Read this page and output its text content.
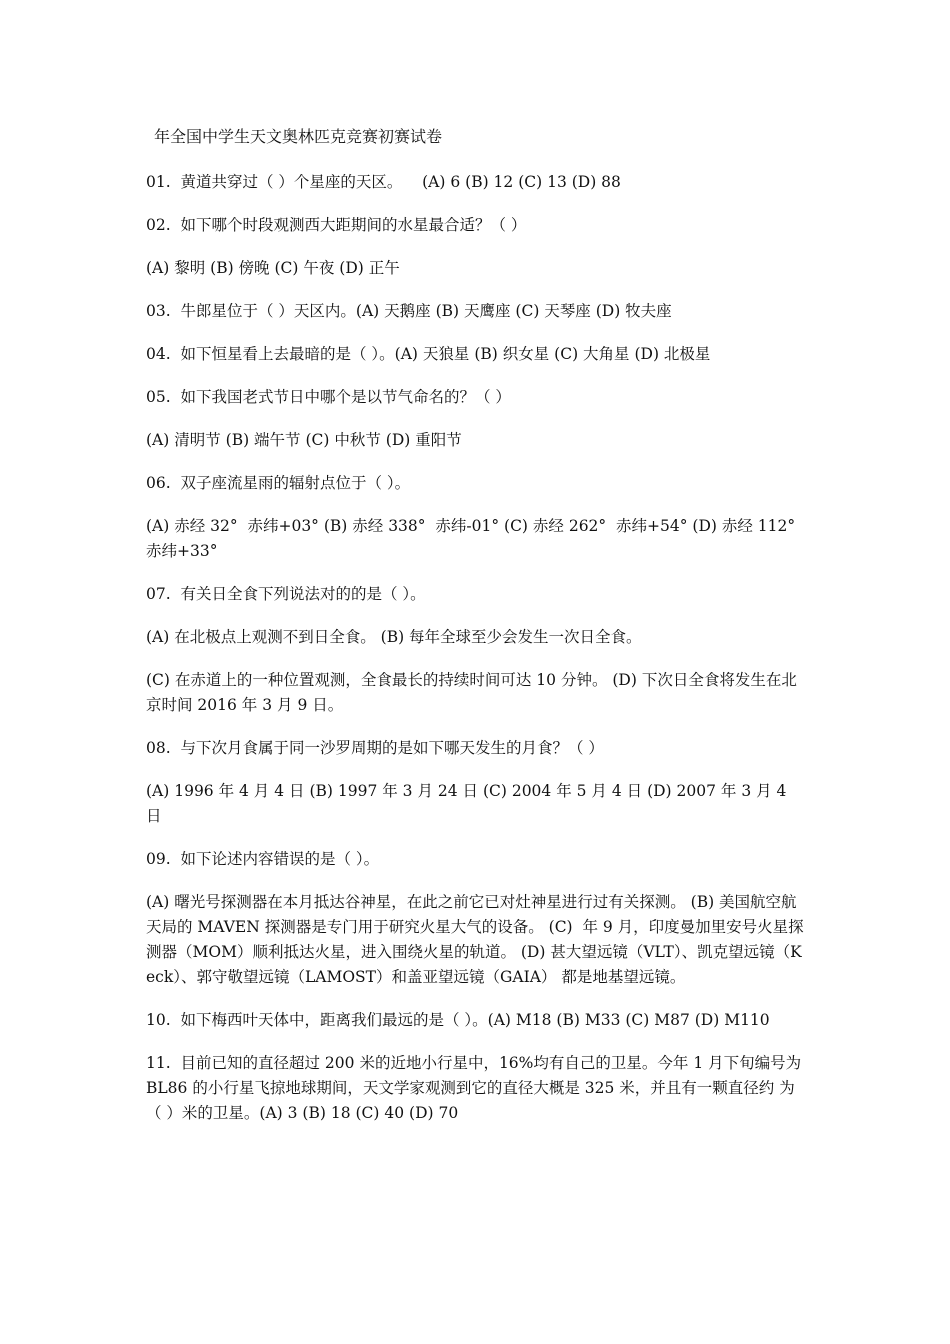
年全国中学生天文奥林匹克竞赛初赛试卷
01.  黄道共穿过（ ）个星座的天区。    (A) 6 (B) 12 (C) 13 (D) 88
02.  如下哪个时段观测西大距期间的水星最合适？（ ）
(A) 黎明 (B) 傍晚 (C) 午夜 (D) 正午
03.  牛郎星位于（ ）天区内。(A) 天鹅座 (B) 天鹰座 (C) 天琴座 (D) 牧夫座
04.  如下恒星看上去最暗的是（ ）。(A) 天狼星 (B) 织女星 (C) 大角星 (D) 北极星
05.  如下我国老式节日中哪个是以节气命名的？（ ）
(A) 清明节 (B) 端午节 (C) 中秋节 (D) 重阳节
06.  双子座流星雨的辐射点位于（ ）。
(A) 赤经 32°  赤纬+03° (B) 赤经 338°  赤纬-01° (C) 赤经 262°  赤纬+54° (D) 赤经 112°  赤纬+33°
07.  有关日全食下列说法对的的是（ ）。
(A) 在北极点上观测不到日全食。 (B) 每年全球至少会发生一次日全食。
(C) 在赤道上的一种位置观测，全食最长的持续时间可达 10 分钟。 (D) 下次日全食将发生在北京时间 2016 年 3 月 9 日。
08.  与下次月食属于同一沙罗周期的是如下哪天发生的月食？（ ）
(A) 1996 年 4 月 4 日 (B) 1997 年 3 月 24 日 (C) 2004 年 5 月 4 日 (D) 2007 年 3 月 4 日
09.  如下论述内容错误的是（ ）。
(A) 曙光号探测器在本月抵达谷神星，在此之前它已对灶神星进行过有关探测。 (B) 美国航空航天局的 MAVEN 探测器是专门用于研究火星大气的设备。 (C)  年 9 月，印度曼加里安号火星探测器（MOM）顺利抵达火星，进入围绕火星的轨道。 (D) 甚大望远镜（VLT）、凯克望远镜（Keck）、郭守敬望远镜（LAMOST）和盖亚望远镜（GAIA） 都是地基望远镜。
10.  如下梅西叶天体中，距离我们最远的是（ ）。(A) M18 (B) M33 (C) M87 (D) M110
11.  目前已知的直径超过 200 米的近地小行星中，16%均有自己的卫星。今年 1 月下旬编号为 BL86 的小行星飞掠地球期间，天文学家观测到它的直径大概是 325 米，并且有一颗直径约 为（ ）米的卫星。(A) 3 (B) 18 (C) 40 (D) 70
